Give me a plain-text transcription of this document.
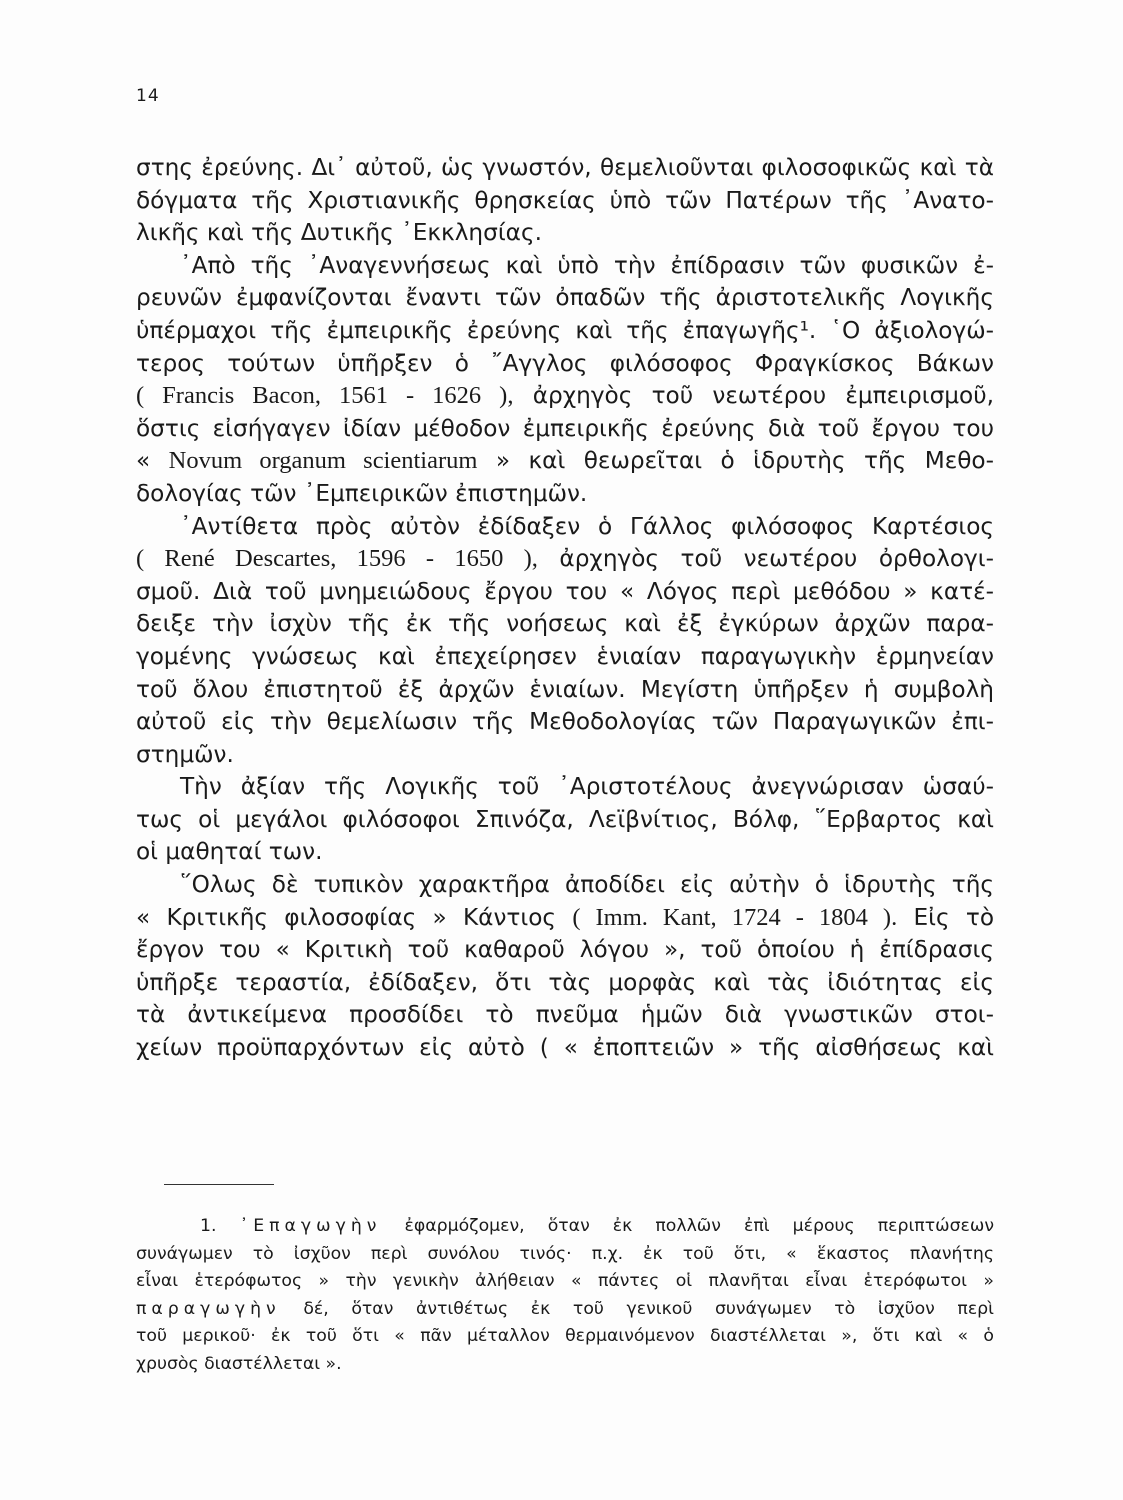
14
στης ἐρεύνης. Δι᾽ αὐτοῦ, ὡς γνωστόν, θεμελιοῦνται φιλοσοφικῶς καὶ τὰ
δόγματα τῆς Χριστιανικῆς θρησκείας ὑπὸ τῶν Πατέρων τῆς ᾽Ανατο-
λικῆς καὶ τῆς Δυτικῆς ᾽Εκκλησίας.
᾽Απὸ τῆς ᾽Αναγεννήσεως καὶ ὑπὸ τὴν ἐπίδρασιν τῶν φυσικῶν ἐ-
ρευνῶν ἐμφανίζονται ἔναντι τῶν ὀπαδῶν τῆς ἀριστοτελικῆς Λογικῆς
ὑπέρμαχοι τῆς ἐμπειρικῆς ἐρεύνης καὶ τῆς ἐπαγωγῆς¹. ῾Ο ἀξιολογώ-
τερος τούτων ὑπῆρξεν ὁ ῎Αγγλος φιλόσοφος Φραγκίσκος Βάκων
( Francis Bacon, 1561 - 1626 ), ἀρχηγὸς τοῦ νεωτέρου ἐμπειρισμοῦ,
ὅστις εἰσήγαγεν ἰδίαν μέθοδον ἐμπειρικῆς ἐρεύνης διὰ τοῦ ἔργου του
« Novum organum scientiarum » καὶ θεωρεῖται ὁ ἱδρυτὴς τῆς Μεθο-
δολογίας τῶν ᾽Εμπειρικῶν ἐπιστημῶν.
᾽Αντίθετα πρὸς αὐτὸν ἐδίδαξεν ὁ Γάλλος φιλόσοφος Καρτέσιος
( René Descartes, 1596 - 1650 ), ἀρχηγὸς τοῦ νεωτέρου ὀρθολογι-
σμοῦ. Διὰ τοῦ μνημειώδους ἔργου του « Λόγος περὶ μεθόδου » κατέ-
δειξε τὴν ἰσχὺν τῆς ἐκ τῆς νοήσεως καὶ ἐξ ἐγκύρων ἀρχῶν παρα-
γομένης γνώσεως καὶ ἐπεχείρησεν ἑνιαίαν παραγωγικὴν ἑρμηνείαν
τοῦ ὅλου ἐπιστητοῦ ἐξ ἀρχῶν ἑνιαίων. Μεγίστη ὑπῆρξεν ἡ συμβολὴ
αὐτοῦ εἰς τὴν θεμελίωσιν τῆς Μεθοδολογίας τῶν Παραγωγικῶν ἐπι-
στημῶν.
Τὴν ἀξίαν τῆς Λογικῆς τοῦ ᾽Αριστοτέλους ἀνεγνώρισαν ὡσαύ-
τως οἱ μεγάλοι φιλόσοφοι Σπινόζα, Λεϊβνίτιος, Βόλφ, ῞Ερβαρτος καὶ
οἱ μαθηταί των.
῞Ολως δὲ τυπικὸν χαρακτῆρα ἀποδίδει εἰς αὐτὴν ὁ ἱδρυτὴς τῆς
« Κριτικῆς φιλοσοφίας » Κάντιος ( Imm. Kant, 1724 - 1804 ). Εἰς τὸ
ἔργον του « Κριτικὴ τοῦ καθαροῦ λόγου », τοῦ ὁποίου ἡ ἐπίδρασις
ὑπῆρξε τεραστία, ἐδίδαξεν, ὅτι τὰς μορφὰς καὶ τὰς ἰδιότητας εἰς
τὰ ἀντικείμενα προσδίδει τὸ πνεῦμα ἡμῶν διὰ γνωστικῶν στοι-
χείων προϋπαρχόντων εἰς αὐτὸ ( « ἐποπτειῶν » τῆς αἰσθήσεως καὶ
1. ᾽Επαγωγὴν ἐφαρμόζομεν, ὅταν ἐκ πολλῶν ἐπὶ μέρους περιπτώσεων
συνάγωμεν τὸ ἰσχῦον περὶ συνόλου τινός· π.χ. ἐκ τοῦ ὅτι, « ἕκαστος πλανήτης
εἶναι ἑτερόφωτος » τὴν γενικὴν ἀλήθειαν « πάντες οἱ πλανῆται εἶναι ἑτερόφωτοι »
παραγωγὴν δέ, ὅταν ἀντιθέτως ἐκ τοῦ γενικοῦ συνάγωμεν τὸ ἰσχῦον περὶ
τοῦ μερικοῦ· ἐκ τοῦ ὅτι « πᾶν μέταλλον θερμαινόμενον διαστέλλεται », ὅτι καὶ « ὁ
χρυσὸς διαστέλλεται ».
